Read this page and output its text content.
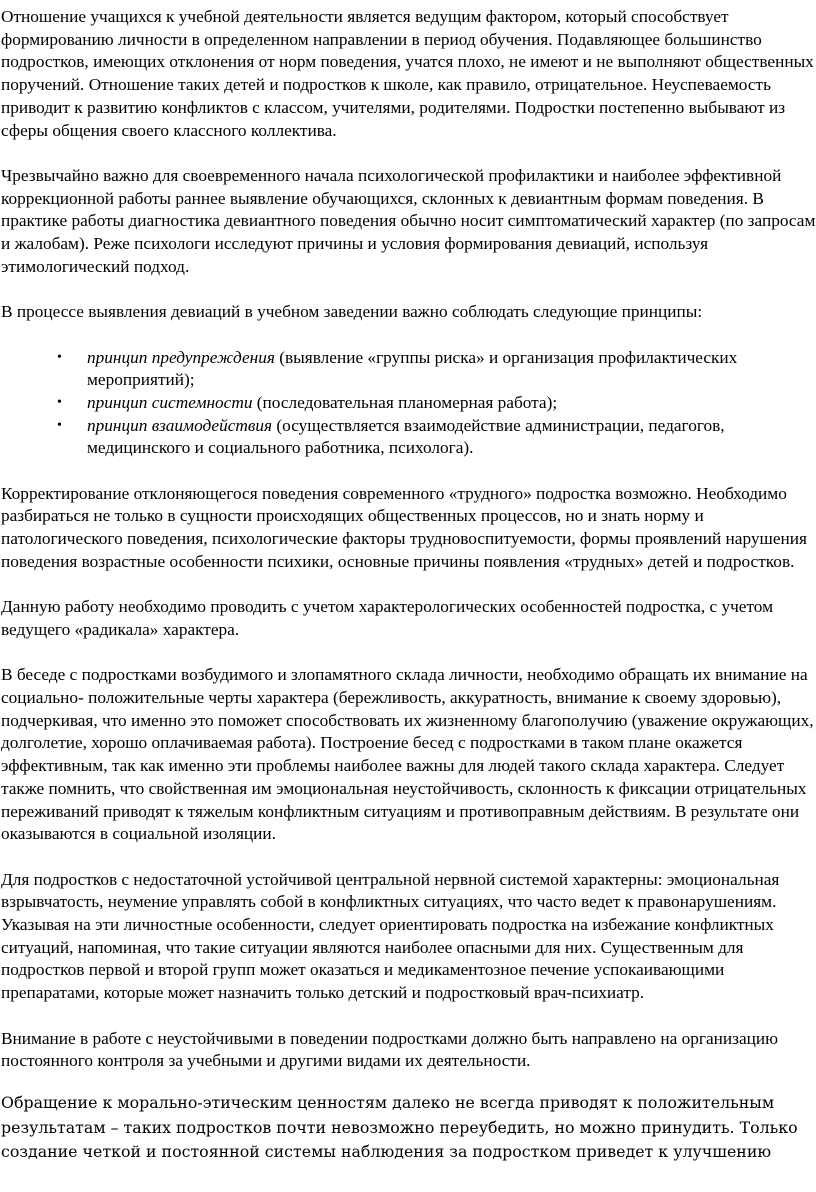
Отношение учащихся к учебной деятельности является ведущим фактором, который способствует формированию личности в определенном направлении в период обучения. Подавляющее большинство подростков, имеющих отклонения от норм поведения, учатся плохо, не имеют и не выполняют общественных поручений. Отношение таких детей и подростков к школе, как правило, отрицательное. Неуспеваемость приводит к развитию конфликтов с классом, учителями, родителями. Подростки постепенно выбывают из сферы общения своего классного коллектива.

Чрезвычайно важно для своевременного начала психологической профилактики и наиболее эффективной коррекционной работы раннее выявление обучающихся, склонных к девиантным формам поведения. В практике работы диагностика девиантного поведения обычно носит симптоматический характер (по запросам и жалобам). Реже психологи исследуют причины и условия формирования девиаций, используя этимологический подход.

В процессе выявления девиаций в учебном заведении важно соблюдать следующие принципы:

• принцип предупреждения (выявление «группы риска» и организация профилактических мероприятий);
• принцип системности (последовательная планомерная работа);
• принцип взаимодействия (осуществляется взаимодействие администрации, педагогов, медицинского и социального работника, психолога).

Корректирование отклоняющегося поведения современного «трудного» подростка возможно. Необходимо разбираться не только в сущности происходящих общественных процессов, но и знать норму и патологического поведения, психологические факторы трудновоспитуемости, формы проявлений нарушения поведения возрастные особенности психики, основные причины появления «трудных» детей и подростков.

Данную работу необходимо проводить с учетом характерологических особенностей подростка, с учетом ведущего «радикала» характера.

В беседе с подростками возбудимого и злопамятного склада личности, необходимо обращать их внимание на социально- положительные черты характера (бережливость, аккуратность, внимание к своему здоровью), подчеркивая, что именно это поможет способствовать их жизненному благополучию (уважение окружающих, долголетие, хорошо оплачиваемая работа). Построение бесед с подростками в таком плане окажется эффективным, так как именно эти проблемы наиболее важны для людей такого склада характера. Следует также помнить, что свойственная им эмоциональная неустойчивость, склонность к фиксации отрицательных переживаний приводят к тяжелым конфликтным ситуациям и противоправным действиям. В результате они оказываются в социальной изоляции.

Для подростков с недостаточной устойчивой центральной нервной системой характерны: эмоциональная взрывчатость, неумение управлять собой в конфликтных ситуациях, что часто ведет к правонарушениям. Указывая на эти личностные особенности, следует ориентировать подростка на избежание конфликтных ситуаций, напоминая, что такие ситуации являются наиболее опасными для них. Существенным для подростков первой и второй групп может оказаться и медикаментозное печение успокаивающими препаратами, которые может назначить только детский и подростковый врач-психиатр.

Внимание в работе с неустойчивыми в поведении подростками должно быть направлено на организацию постоянного контроля за учебными и другими видами их деятельности.

Обращение к морально-этическим ценностям далеко не всегда приводят к положительным результатам – таких подростков почти невозможно переубедить, но можно принудить. Только создание четкой и постоянной системы наблюдения за подростком приведет к улучшению
